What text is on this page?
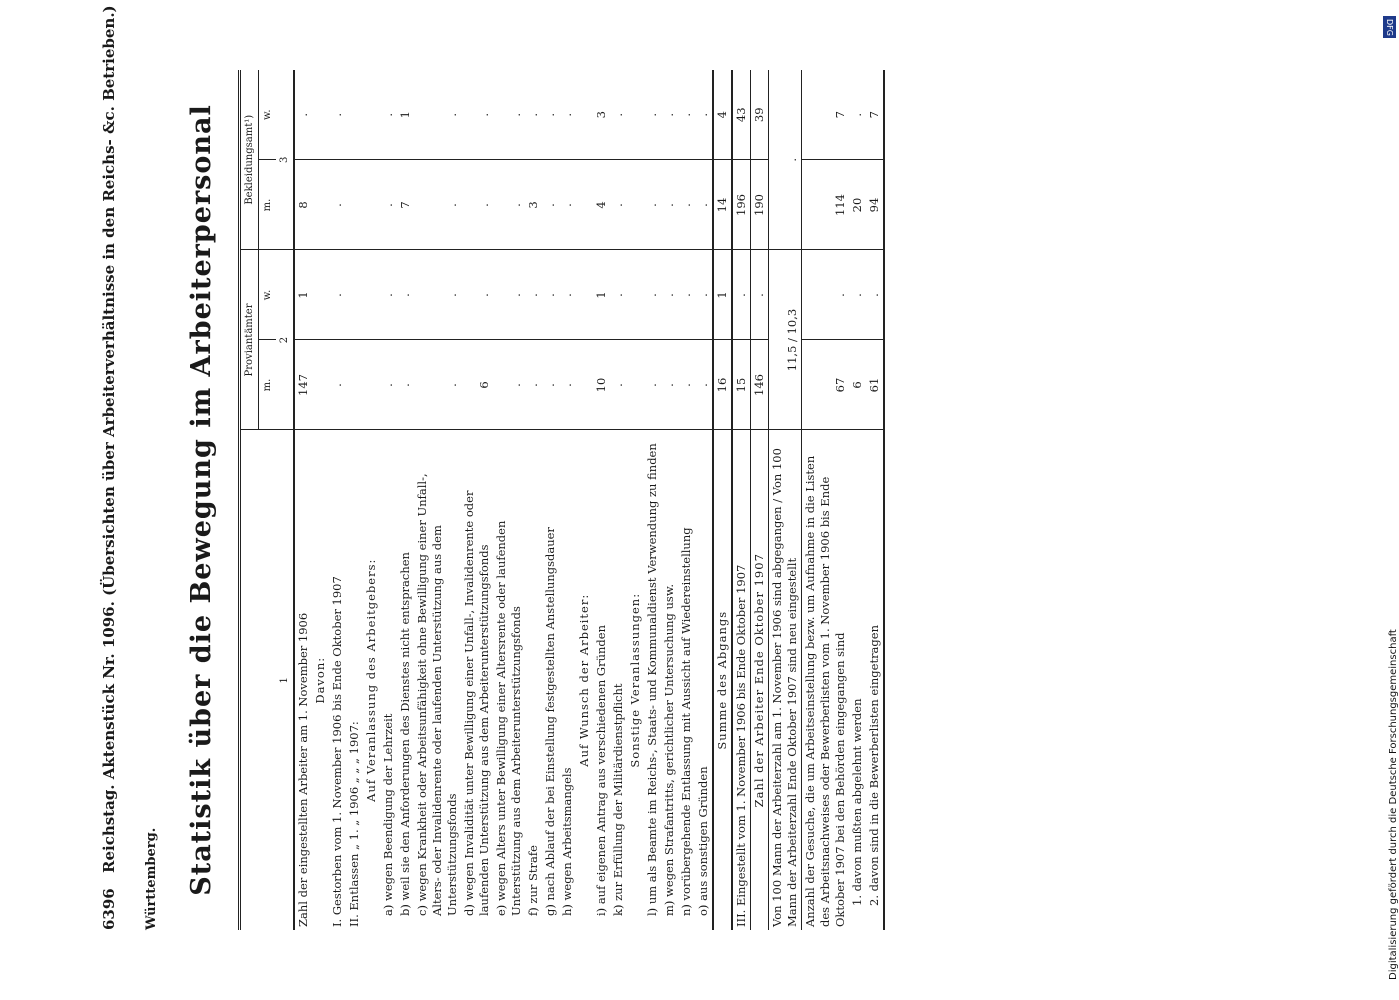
6396 Reichstag. Aktenstück Nr. 1096. (Übersichten über Arbeiterverhältnisse in den Reichs- &c. Betrieben.)
Württemberg. Statistik über die Bewegung im Arbeiterpersonal
		Proviantämter		Bekleidungsamt¹)	
	m.	w.	m.	w.
1	2		3	
Zahl der eingestellten Arbeiter am 1. November 1906	147	1	8	.
Davon:				
I. Gestorben vom 1. November 1906 bis Ende Oktober 1907	.	.	.	.
II. Entlassen „ 1. „ 1906 „ „ „ 1907:				
Auf Veranlassung des Arbeitgebers:				
a) wegen Beendigung der Lehrzeit	.	.	.	.
b) weil sie den Anforderungen des Dienstes nicht entsprachen	.	.	7	1
c) wegen Krankheit oder Arbeitsunfähigkeit ohne Bewilligung einer Unfall-, Alters- oder Invalidenrente oder laufenden Unterstützung aus dem Unterstützungsfonds	.	.	.	.
d) wegen Invalidität unter Bewilligung einer Unfall-, Invalidenrente oder laufenden Unterstützung aus dem Arbeiterunterstützungsfonds	6	.	.	.
e) wegen Alters unter Bewilligung einer Altersrente oder laufenden Unterstützung aus dem Arbeiterunterstützungsfonds	.	.	.	.
f) zur Strafe	.	.	3	.
g) nach Ablauf der bei Einstellung festgestellten Anstellungsdauer	.	.	.	.
h) wegen Arbeitsmangels	.	.	.	.
Auf Wunsch der Arbeiter:				
i) auf eigenen Antrag aus verschiedenen Gründen	10	1	4	3
k) zur Erfüllung der Militärdienstpflicht	.	.	.	.
Sonstige Veranlassungen:				
l) um als Beamte im Reichs-, Staats- und Kommunaldienst Verwendung zu finden	.	.	.	.
m) wegen Strafantritts, gerichtlicher Untersuchung usw.	.	.	.	.
n) vorübergehende Entlassung mit Aussicht auf Wiedereinstellung	.	.	.	.
o) aus sonstigen Gründen	.	.	.	.
Summe des Abgangs	16	1	14	4
III. Eingestellt vom 1. November 1906 bis Ende Oktober 1907	15	.	196	43
Zahl der Arbeiter Ende Oktober 1907	146	.	190	39
Von 100 Mann der Arbeiterzahl am 1. November 1906 sind abgegangen / Von 100 Mann der Arbeiterzahl Ende Oktober 1907 sind neu eingestellt	11,5 / 10,3		.	
Anzahl der Gesuche, die um Arbeitseinstellung bezw. um Aufnahme in die Listen des Arbeitsnachweises oder Bewerberlisten vom 1. November 1906 bis Ende Oktober 1907 bei den Behörden eingegangen sind	67	.	114	7
1. davon mußten abgelehnt werden	6	.	20	.
2. davon sind in die Bewerberlisten eingetragen	61	.	94	7
DFG
Digitalisierung gefördert durch die Deutsche Forschungsgemeinschaft
